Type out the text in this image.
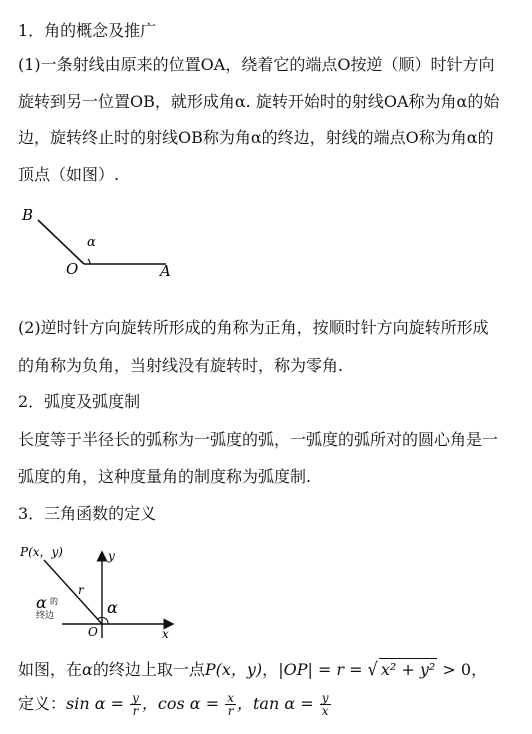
1．角的概念及推广
(1)一条射线由原来的位置OA，绕着它的端点O按逆（顺）时针方向
旋转到另一位置OB，就形成角α. 旋转开始时的射线OA称为角α的始
边，旋转终止时的射线OB称为角α的终边，射线的端点O称为角α的
顶点（如图）.
B
α
O	A
(2)逆时针方向旋转所形成的角称为正角，按顺时针方向旋转所形成
的角称为负角，当射线没有旋转时，称为零角.
2．弧度及弧度制
长度等于半径长的弧称为一弧度的弧，一弧度的弧所对的圆心角是一
弧度的角，这种度量角的制度称为弧度制.
3．三角函数的定义
P(x，y)	y
r
α 的
终边	α
O	x
如图，在α的终边上取一点P(x，y)，|OP| = r = √ x² + y² > 0，
定义：$\sin \alpha = \frac{y}{r}$ ，$\cos \alpha = \frac{x}{r}$ ，$\tan \alpha = \frac{y}{x}$
